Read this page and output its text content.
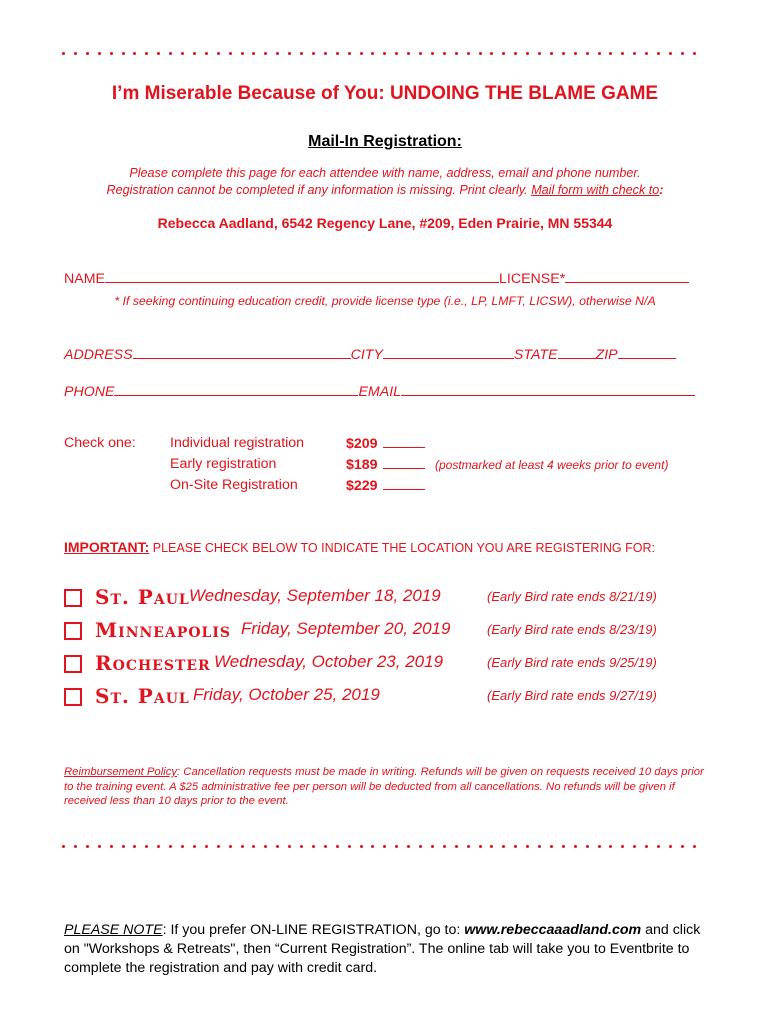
I’m Miserable Because of You: UNDOING THE BLAME GAME
Mail-In Registration:
Please complete this page for each attendee with name, address, email and phone number.
Registration cannot be completed if any information is missing. Print clearly. Mail form with check to:
Rebecca Aadland, 6542 Regency Lane, #209, Eden Prairie, MN 55344
NAME	LICENSE*
* If seeking continuing education credit, provide license type (i.e., LP, LMFT, LICSW), otherwise N/A
ADDRESS	CITY	STATE	ZIP
PHONE	EMAIL
Check one: Individual registration	$209
Early registration	$189	(postmarked at least 4 weeks prior to event)
On-Site Registration	$229
IMPORTANT: PLEASE CHECK BELOW TO INDICATE THE LOCATION YOU ARE REGISTERING FOR:
St. Paul Wednesday, September 18, 2019	(Early Bird rate ends 8/21/19)
Minneapolis Friday, September 20, 2019	(Early Bird rate ends 8/23/19)
Rochester Wednesday, October 23, 2019	(Early Bird rate ends 9/25/19)
St. Paul Friday, October 25, 2019	(Early Bird rate ends 9/27/19)
Reimbursement Policy: Cancellation requests must be made in writing. Refunds will be given on requests received 10 days prior to the training event. A $25 administrative fee per person will be deducted from all cancellations. No refunds will be given if received less than 10 days prior to the event.
PLEASE NOTE: If you prefer ON-LINE REGISTRATION, go to: www.rebeccaaadland.com and click on "Workshops & Retreats", then “Current Registration”. The online tab will take you to Eventbrite to complete the registration and pay with credit card.
